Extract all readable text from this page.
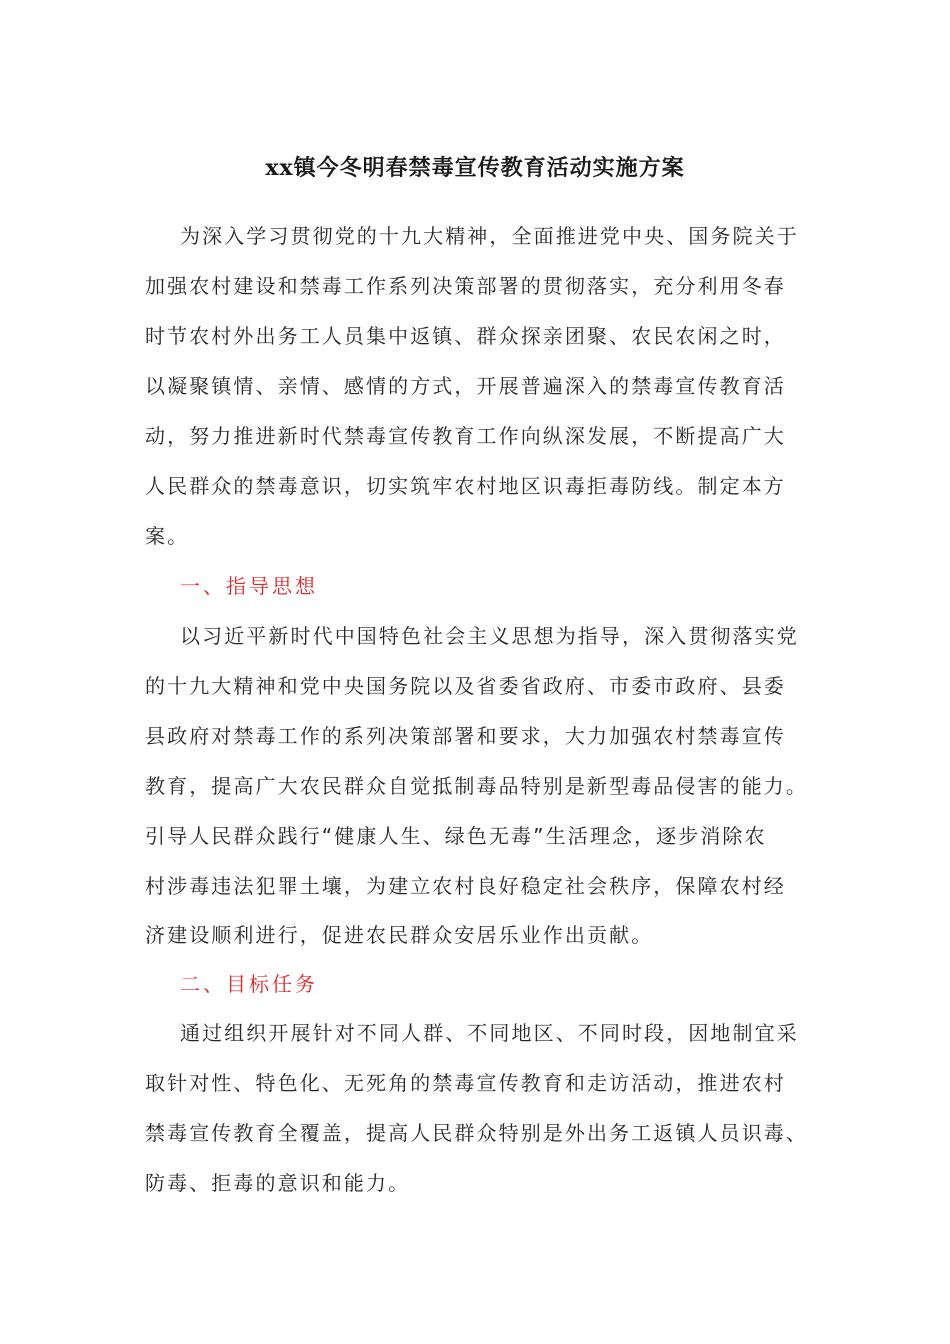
xx镇今冬明春禁毒宣传教育活动实施方案
为深入学习贯彻党的十九大精神，全面推进党中央、国务院关于
加强农村建设和禁毒工作系列决策部署的贯彻落实，充分利用冬春
时节农村外出务工人员集中返镇、群众探亲团聚、农民农闲之时，
以凝聚镇情、亲情、感情的方式，开展普遍深入的禁毒宣传教育活
动，努力推进新时代禁毒宣传教育工作向纵深发展，不断提高广大
人民群众的禁毒意识，切实筑牢农村地区识毒拒毒防线。制定本方
案。
一、指导思想
以习近平新时代中国特色社会主义思想为指导，深入贯彻落实党
的十九大精神和党中央国务院以及省委省政府、市委市政府、县委
县政府对禁毒工作的系列决策部署和要求，大力加强农村禁毒宣传
教育，提高广大农民群众自觉抵制毒品特别是新型毒品侵害的能力。
引导人民群众践行“健康人生、绿色无毒”生活理念，逐步消除农
村涉毒违法犯罪土壤，为建立农村良好稳定社会秩序，保障农村经
济建设顺利进行，促进农民群众安居乐业作出贡献。
二、目标任务
通过组织开展针对不同人群、不同地区、不同时段，因地制宜采
取针对性、特色化、无死角的禁毒宣传教育和走访活动，推进农村
禁毒宣传教育全覆盖，提高人民群众特别是外出务工返镇人员识毒、
防毒、拒毒的意识和能力。
